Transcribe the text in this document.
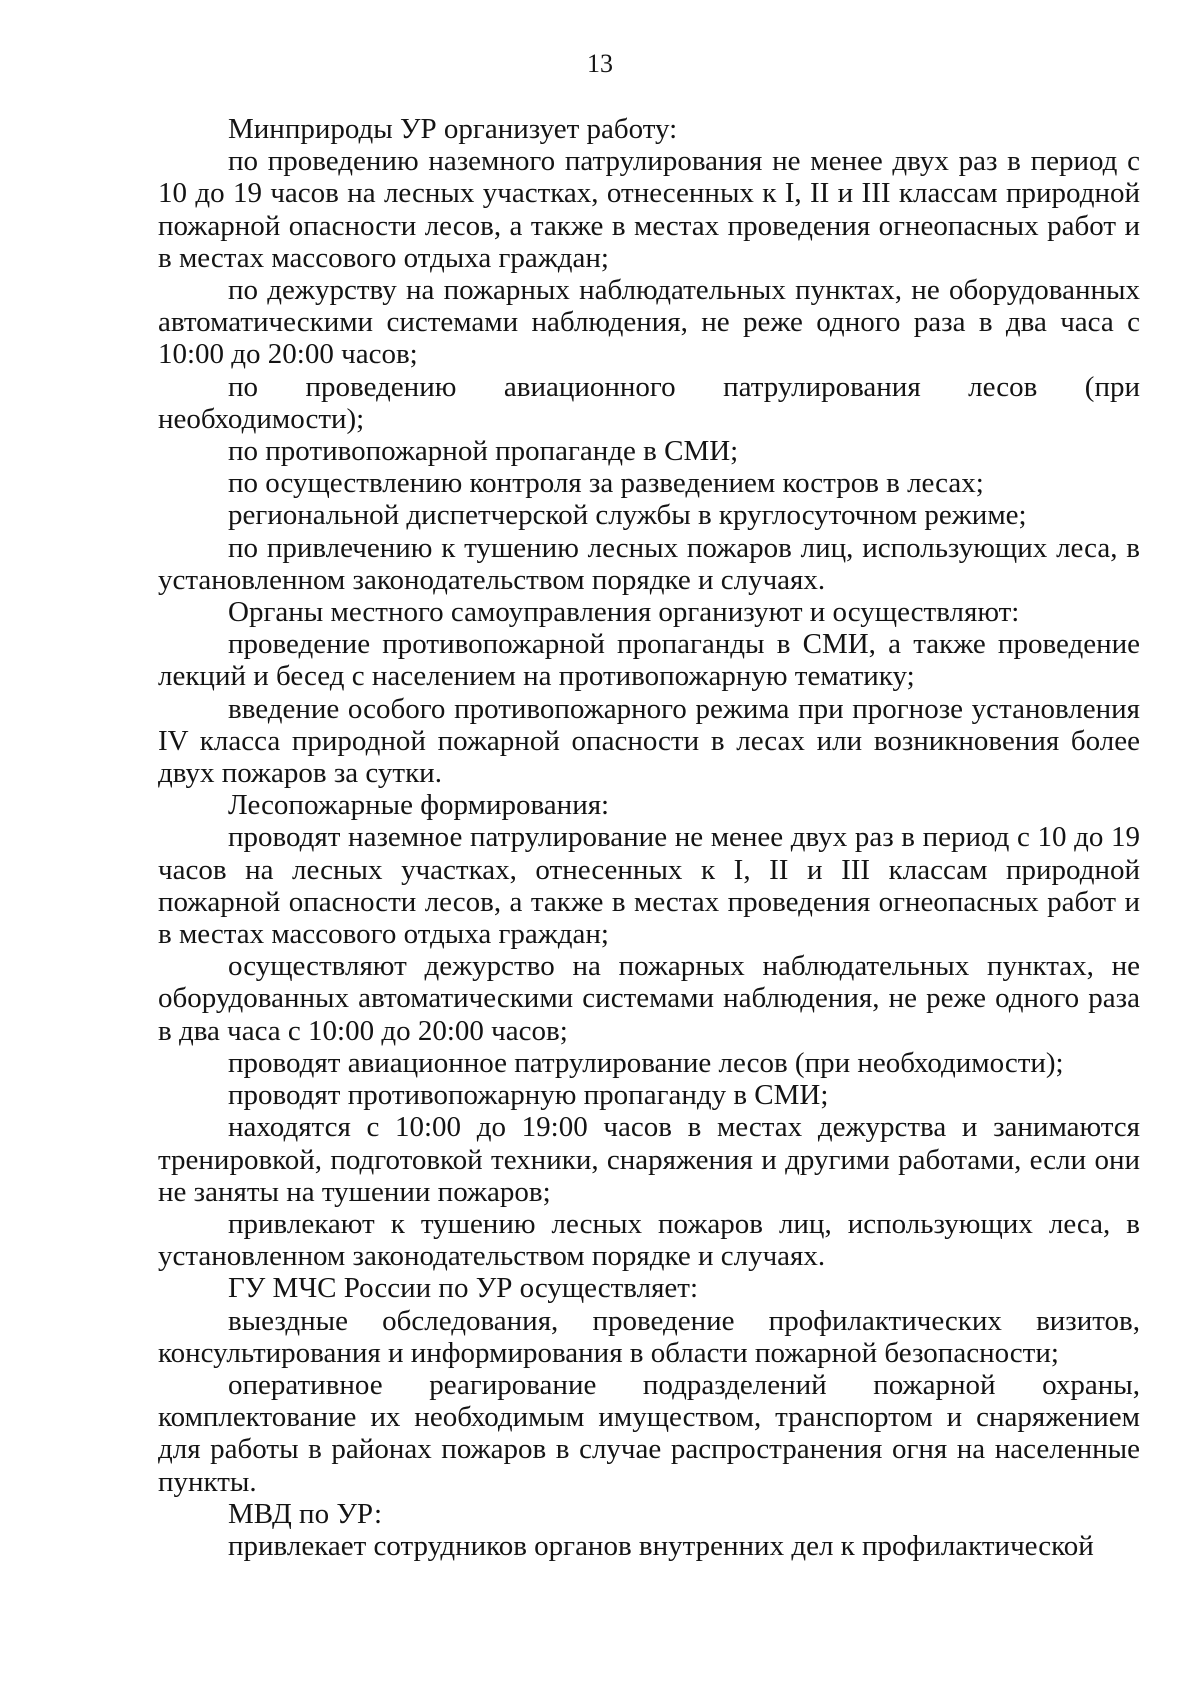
13

Минприроды УР организует работу:

по проведению наземного патрулирования не менее двух раз в период с 10 до 19 часов на лесных участках, отнесенных к I, II и III классам природной пожарной опасности лесов, а также в местах проведения огнеопасных работ и в местах массового отдыха граждан;

по дежурству на пожарных наблюдательных пунктах, не оборудованных автоматическими системами наблюдения, не реже одного раза в два часа с 10:00 до 20:00 часов;

по проведению авиационного патрулирования лесов (при необходимости);

по противопожарной пропаганде в СМИ;

по осуществлению контроля за разведением костров в лесах;

региональной диспетчерской службы в круглосуточном режиме;

по привлечению к тушению лесных пожаров лиц, использующих леса, в установленном законодательством порядке и случаях.

Органы местного самоуправления организуют и осуществляют:

проведение противопожарной пропаганды в СМИ, а также проведение лекций и бесед с населением на противопожарную тематику;

введение особого противопожарного режима при прогнозе установления IV класса природной пожарной опасности в лесах или возникновения более двух пожаров за сутки.

Лесопожарные формирования:

проводят наземное патрулирование не менее двух раз в период с 10 до 19 часов на лесных участках, отнесенных к I, II и III классам природной пожарной опасности лесов, а также в местах проведения огнеопасных работ и в местах массового отдыха граждан;

осуществляют дежурство на пожарных наблюдательных пунктах, не оборудованных автоматическими системами наблюдения, не реже одного раза в два часа с 10:00 до 20:00 часов;

проводят авиационное патрулирование лесов (при необходимости);

проводят противопожарную пропаганду в СМИ;

находятся с 10:00 до 19:00 часов в местах дежурства и занимаются тренировкой, подготовкой техники, снаряжения и другими работами, если они не заняты на тушении пожаров;

привлекают к тушению лесных пожаров лиц, использующих леса, в установленном законодательством порядке и случаях.

ГУ МЧС России по УР осуществляет:

выездные обследования, проведение профилактических визитов, консультирования и информирования в области пожарной безопасности;

оперативное реагирование подразделений пожарной охраны, комплектование их необходимым имуществом, транспортом и снаряжением для работы в районах пожаров в случае распространения огня на населенные пункты.

МВД по УР:

привлекает сотрудников органов внутренних дел к профилактической
